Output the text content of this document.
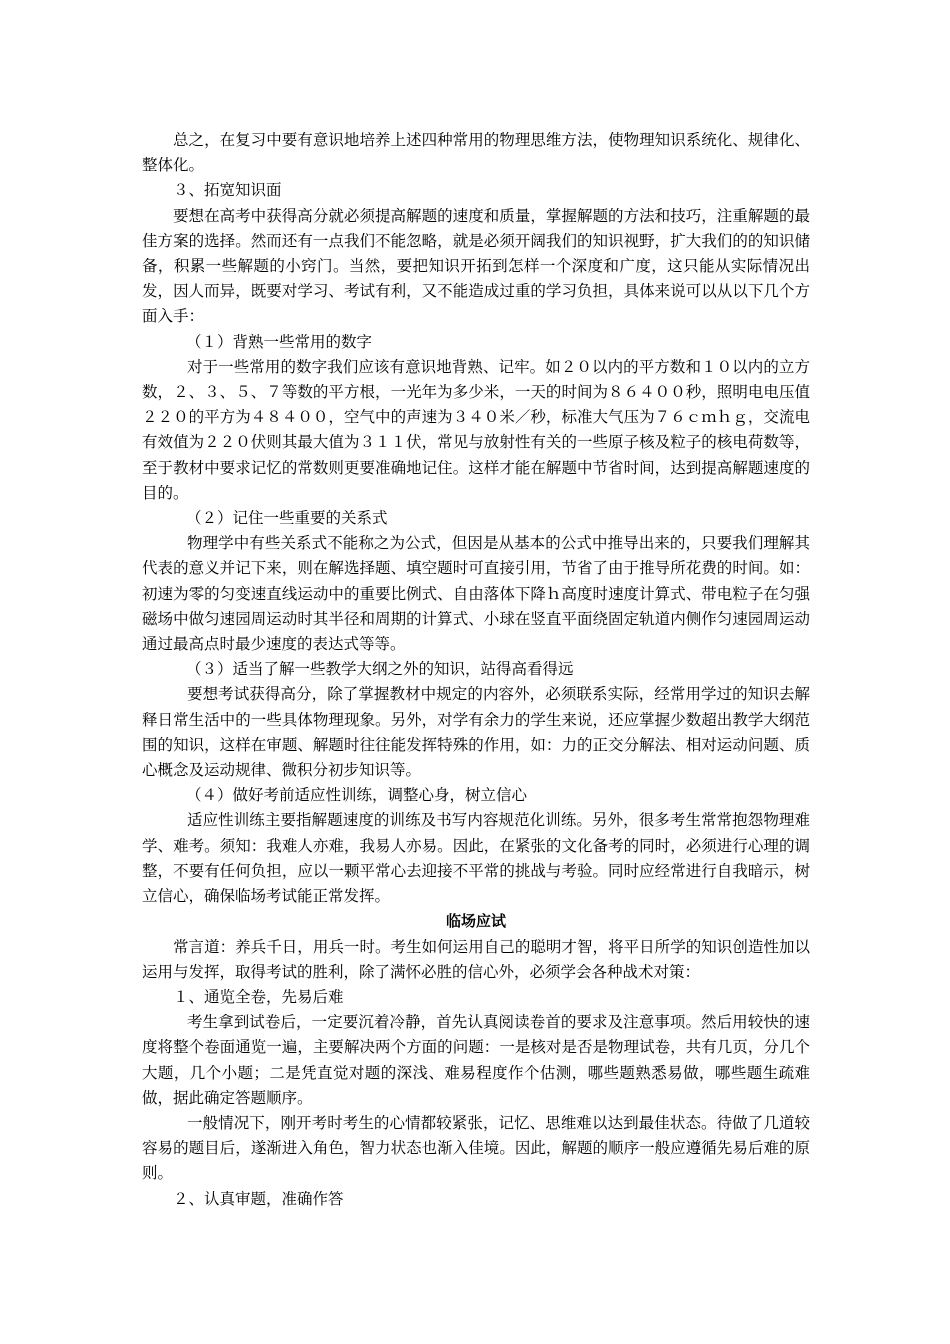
总之，在复习中要有意识地培养上述四种常用的物理思维方法，使物理知识系统化、规律化、整体化。

３、拓宽知识面

要想在高考中获得高分就必须提高解题的速度和质量，掌握解题的方法和技巧，注重解题的最佳方案的选择。然而还有一点我们不能忽略，就是必须开阔我们的知识视野，扩大我们的的知识储备，积累一些解题的小窍门。当然，要把知识开拓到怎样一个深度和广度，这只能从实际情况出发，因人而异，既要对学习、考试有利，又不能造成过重的学习负担，具体来说可以从以下几个方面入手：

（１）背熟一些常用的数字

对于一些常用的数字我们应该有意识地背熟、记牢。如２０以内的平方数和１０以内的立方数，２、３、５、７等数的平方根，一光年为多少米，一天的时间为８６４００秒，照明电电压值２２０的平方为４８４００，空气中的声速为３４０米／秒，标准大气压为７６ｃｍｈｇ，交流电有效值为２２０伏则其最大值为３１１伏，常见与放射性有关的一些原子核及粒子的核电荷数等，至于教材中要求记忆的常数则更要准确地记住。这样才能在解题中节省时间，达到提高解题速度的目的。

（２）记住一些重要的关系式

物理学中有些关系式不能称之为公式，但因是从基本的公式中推导出来的，只要我们理解其代表的意义并记下来，则在解选择题、填空题时可直接引用，节省了由于推导所花费的时间。如：初速为零的匀变速直线运动中的重要比例式、自由落体下降ｈ高度时速度计算式、带电粒子在匀强磁场中做匀速园周运动时其半径和周期的计算式、小球在竖直平面绕固定轨道内侧作匀速园周运动通过最高点时最少速度的表达式等等。

（３）适当了解一些教学大纲之外的知识，站得高看得远

要想考试获得高分，除了掌握教材中规定的内容外，必须联系实际，经常用学过的知识去解释日常生活中的一些具体物理现象。另外，对学有余力的学生来说，还应掌握少数超出教学大纲范围的知识，这样在审题、解题时往往能发挥特殊的作用，如：力的正交分解法、相对运动问题、质心概念及运动规律、微积分初步知识等。

（４）做好考前适应性训练，调整心身，树立信心

适应性训练主要指解题速度的训练及书写内容规范化训练。另外，很多考生常常抱怨物理难学、难考。须知：我难人亦难，我易人亦易。因此，在紧张的文化备考的同时，必须进行心理的调整，不要有任何负担，应以一颗平常心去迎接不平常的挑战与考验。同时应经常进行自我暗示，树立信心，确保临场考试能正常发挥。

临场应试

常言道：养兵千日，用兵一时。考生如何运用自己的聪明才智，将平日所学的知识创造性加以运用与发挥，取得考试的胜利，除了满怀必胜的信心外，必须学会各种战术对策：

１、通览全卷，先易后难

考生拿到试卷后，一定要沉着冷静，首先认真阅读卷首的要求及注意事项。然后用较快的速度将整个卷面通览一遍，主要解决两个方面的问题：一是核对是否是物理试卷，共有几页，分几个大题，几个小题；二是凭直觉对题的深浅、难易程度作个估测，哪些题熟悉易做，哪些题生疏难做，据此确定答题顺序。

一般情况下，刚开考时考生的心情都较紧张，记忆、思维难以达到最佳状态。待做了几道较容易的题目后，遂渐进入角色，智力状态也渐入佳境。因此，解题的顺序一般应遵循先易后难的原则。

２、认真审题，准确作答
